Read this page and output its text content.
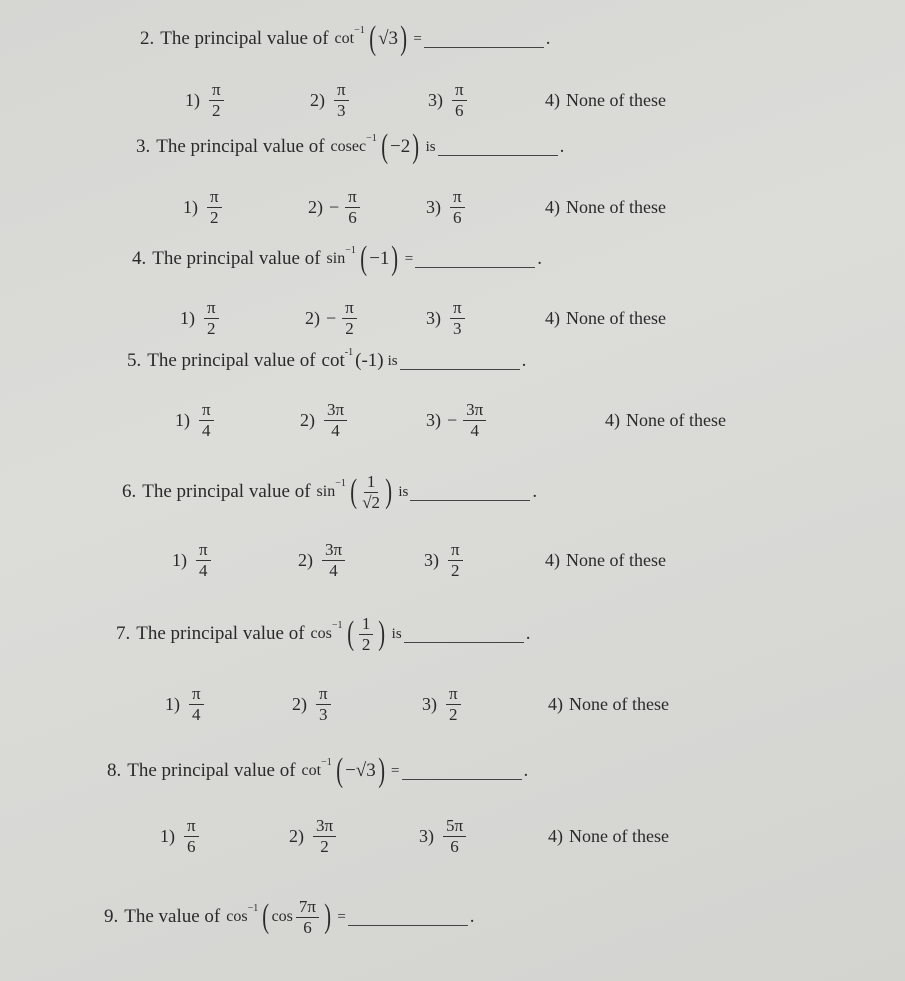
2. The principal value of cot −1 ( √3 ) =	.
$1) \frac{\pi}{2}$	$2) \frac{\pi}{3}$	$3) \frac{\pi}{6}$	4) None of these
3. The principal value of cosec −1 ( −2 ) is	.
$1) \frac{\pi}{2}$	$2) - \frac{\pi}{6}$	$3) \frac{\pi}{6}$	4) None of these
4. The principal value of sin −1 ( −1 ) =	.
$1) \frac{\pi}{2}$	$2) - \frac{\pi}{2}$	$3) \frac{\pi}{3}$	4) None of these
5. The principal value of cot -1 ( -1 ) is	.
$1) \frac{\pi}{4}$	$2) \frac{3\pi}{4}$	$3) - \frac{3\pi}{4}$	4) None of these
6. The principal value of sin −1 ( $\frac{1}{√2}$ ) is	.
$1) \frac{\pi}{4}$	$2) \frac{3\pi}{4}$	$3) \frac{\pi}{2}$	4) None of these
7. The principal value of cos −1 ( $\frac{1}{2}$ ) is	.
$1) \frac{\pi}{4}$	$2) \frac{\pi}{3}$	$3) \frac{\pi}{2}$	4) None of these
8. The principal value of cot −1 ( −√3 ) =	.
$1) \frac{\pi}{6}$	$2) \frac{3\pi}{2}$	$3) \frac{5\pi}{6}$	4) None of these
9. The value of cos −1 ( $\cos \frac{7\pi}{6}$ ) =	.
